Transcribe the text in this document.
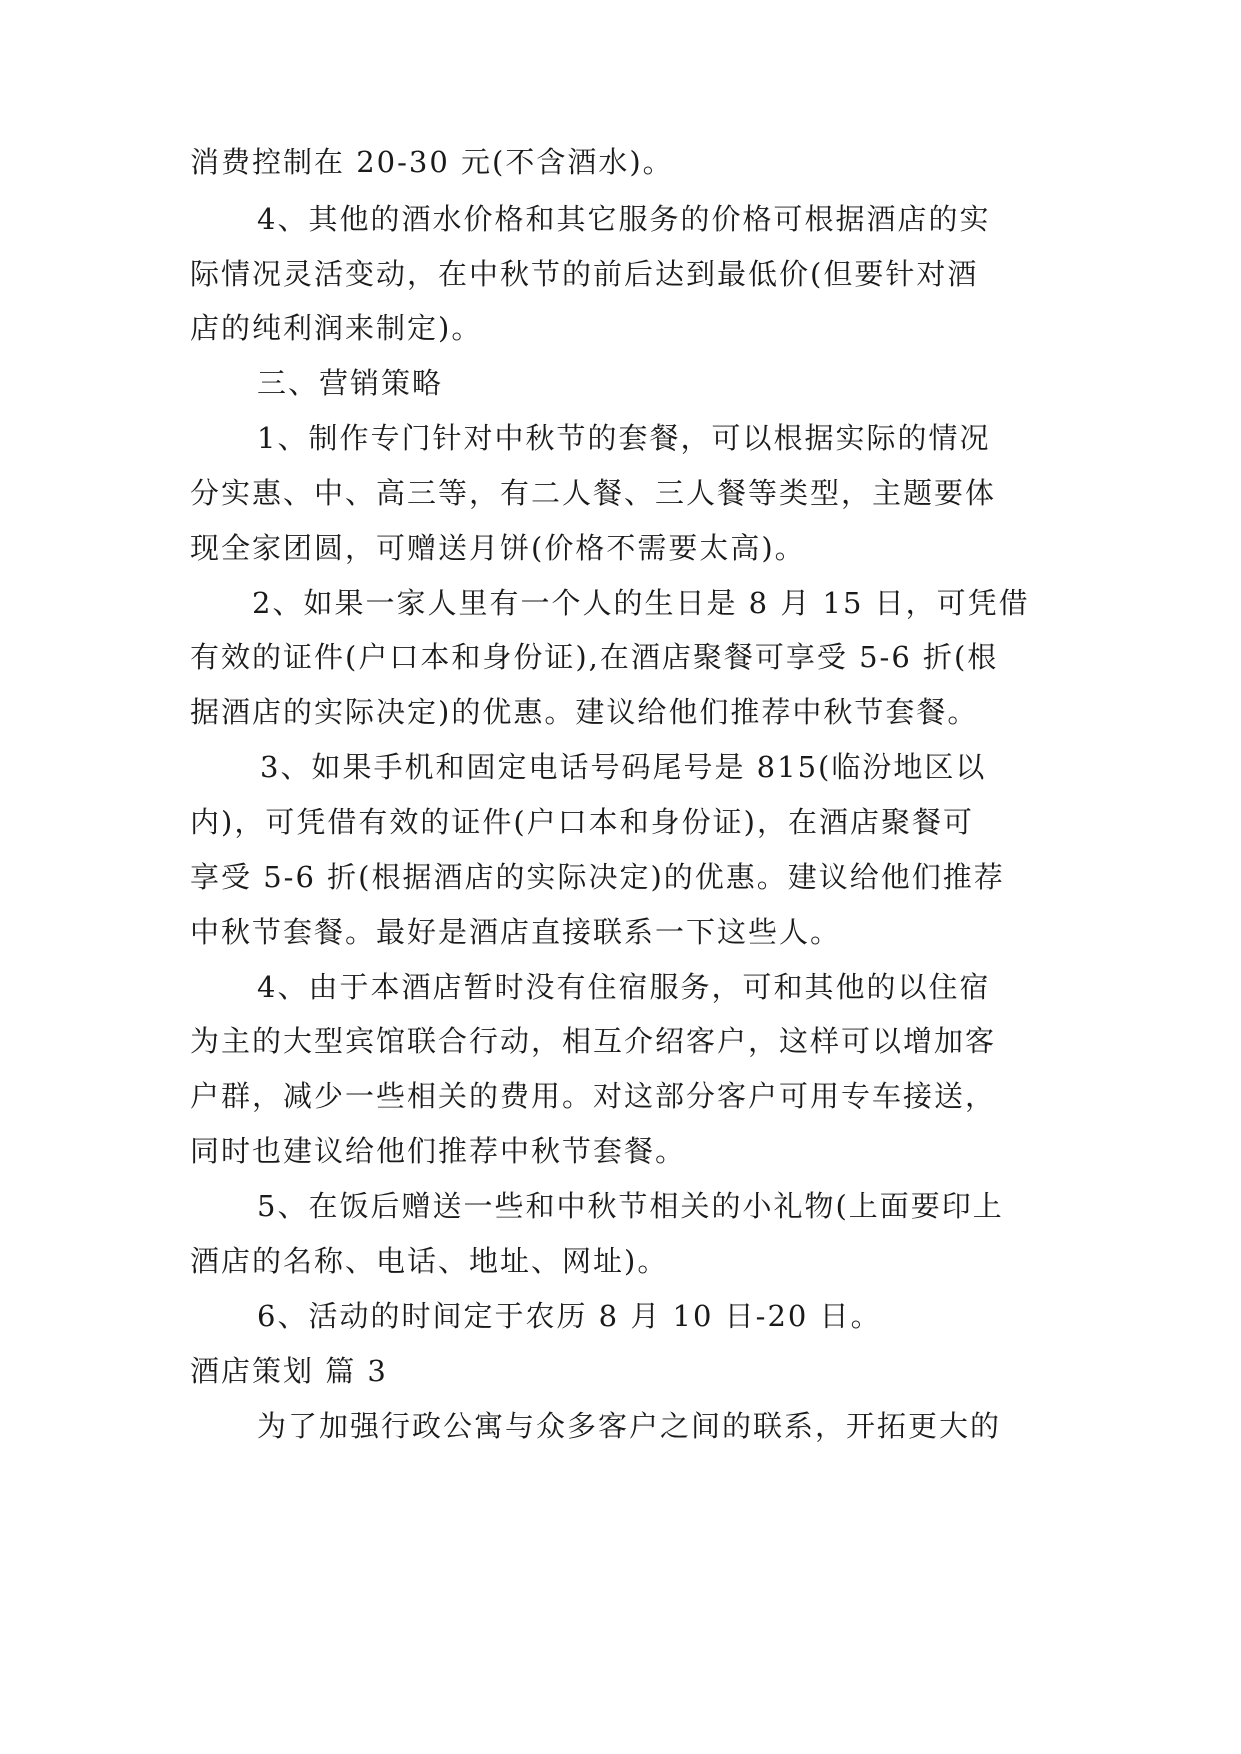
消费控制在 20-30 元(不含酒水)。
4、其他的酒水价格和其它服务的价格可根据酒店的实
际情况灵活变动，在中秋节的前后达到最低价(但要针对酒
店的纯利润来制定)。
三、营销策略
1、制作专门针对中秋节的套餐，可以根据实际的情况
分实惠、中、高三等，有二人餐、三人餐等类型，主题要体
现全家团圆，可赠送月饼(价格不需要太高)。
2、如果一家人里有一个人的生日是 8 月 15 日，可凭借
有效的证件(户口本和身份证),在酒店聚餐可享受 5-6 折(根
据酒店的实际决定)的优惠。建议给他们推荐中秋节套餐。
3、如果手机和固定电话号码尾号是 815(临汾地区以
内)，可凭借有效的证件(户口本和身份证)，在酒店聚餐可
享受 5-6 折(根据酒店的实际决定)的优惠。建议给他们推荐
中秋节套餐。最好是酒店直接联系一下这些人。
4、由于本酒店暂时没有住宿服务，可和其他的以住宿
为主的大型宾馆联合行动，相互介绍客户，这样可以增加客
户群，减少一些相关的费用。对这部分客户可用专车接送，
同时也建议给他们推荐中秋节套餐。
5、在饭后赠送一些和中秋节相关的小礼物(上面要印上
酒店的名称、电话、地址、网址)。
6、活动的时间定于农历 8 月 10 日-20 日。
酒店策划 篇 3
为了加强行政公寓与众多客户之间的联系，开拓更大的
